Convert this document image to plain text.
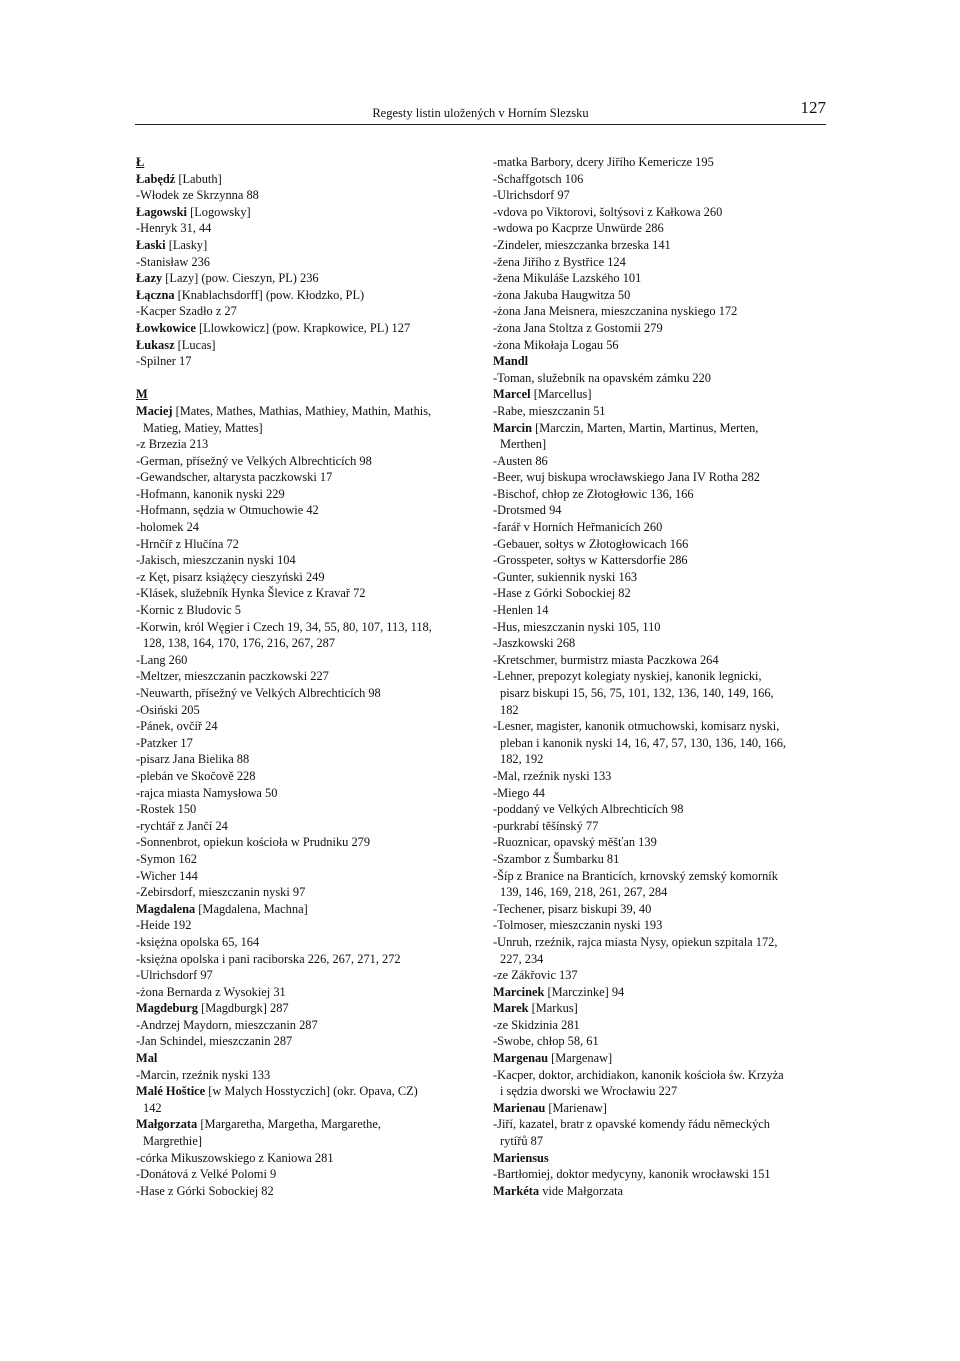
Regesty listin uložených v Horním Slezsku	127
Ł
Łabędź [Labuth]
-Włodek ze Skrzynna 88
Łagowski [Logowsky]
-Henryk 31, 44
Łaski [Lasky]
-Stanisław 236
Łazy [Lazy] (pow. Cieszyn, PL) 236
Łączna [Knablachsdorff] (pow. Kłodzko, PL)
-Kacper Szadło z 27
Łowkowice [Llowkowicz] (pow. Krapkowice, PL) 127
Łukasz [Lucas]
-Spilner 17
M
Maciej [Mates, Mathes, Mathias, Mathiey, Mathin, Mathis,
Matieg, Matiey, Mattes]
-z Brzezia 213
-German, přísežný ve Velkých Albrechticích 98
-Gewandscher, altarysta paczkowski 17
-Hofmann, kanonik nyski 229
-Hofmann, sędzia w Otmuchowie 42
-holomek 24
-Hrnčíř z Hlučína 72
-Jakisch, mieszczanin nyski 104
-z Kęt, pisarz książęcy cieszyński 249
-Klásek, služebník Hynka Šlevice z Kravař 72
-Kornic z Bludovic 5
-Korwin, król Węgier i Czech 19, 34, 55, 80, 107, 113, 118,
128, 138, 164, 170, 176, 216, 267, 287
-Lang 260
-Meltzer, mieszczanin paczkowski 227
-Neuwarth, přísežný ve Velkých Albrechticích 98
-Osiński 205
-Pánek, ovčíř 24
-Patzker 17
-pisarz Jana Bielika 88
-plebán ve Skočově 228
-rajca miasta Namysłowa 50
-Rostek 150
-rychtář z Jančí 24
-Sonnenbrot, opiekun kościoła w Prudniku 279
-Symon 162
-Wicher 144
-Zebirsdorf, mieszczanin nyski 97
Magdalena [Magdalena, Machna]
-Heide 192
-księżna opolska 65, 164
-księżna opolska i pani raciborska 226, 267, 271, 272
-Ulrichsdorf 97
-żona Bernarda z Wysokiej 31
Magdeburg [Magdburgk] 287
-Andrzej Maydorn, mieszczanin 287
-Jan Schindel, mieszczanin 287
Mal
-Marcin, rzeźnik nyski 133
Malé Hoštice [w Malych Hosstyczich] (okr. Opava, CZ)
142
Małgorzata [Margaretha, Margetha, Margarethe,
Margrethie]
-córka Mikuszowskiego z Kaniowa 281
-Donátová z Velké Polomi 9
-Hase z Górki Sobockiej 82
-matka Barbory, dcery Jiřího Kemericze 195
-Schaffgotsch 106
-Ulrichsdorf 97
-vdova po Viktorovi, šoltýsovi z Kałkowa 260
-wdowa po Kacprze Unwürde 286
-Zindeler, mieszczanka brzeska 141
-žena Jiřího z Bystřice 124
-žena Mikuláše Lazského 101
-żona Jakuba Haugwitza 50
-żona Jana Meisnera, mieszczanina nyskiego 172
-żona Jana Stoltza z Gostomii 279
-żona Mikołaja Logau 56
Mandl
-Toman, služebník na opavském zámku 220
Marcel [Marcellus]
-Rabe, mieszczanin 51
Marcin [Marczin, Marten, Martin, Martinus, Merten,
Merthen]
-Austen 86
-Beer, wuj biskupa wrocławskiego Jana IV Rotha 282
-Bischof, chłop ze Złotogłowic 136, 166
-Drotsmed 94
-farář v Horních Heřmanicích 260
-Gebauer, sołtys w Złotogłowicach 166
-Grosspeter, sołtys w Kattersdorfie 286
-Gunter, sukiennik nyski 163
-Hase z Górki Sobockiej 82
-Henlen 14
-Hus, mieszczanin nyski 105, 110
-Jaszkowski 268
-Kretschmer, burmistrz miasta Paczkowa 264
-Lehner, prepozyt kolegiaty nyskiej, kanonik legnicki,
pisarz biskupi 15, 56, 75, 101, 132, 136, 140, 149, 166,
182
-Lesner, magister, kanonik otmuchowski, komisarz nyski,
pleban i kanonik nyski 14, 16, 47, 57, 130, 136, 140, 166,
182, 192
-Mal, rzeźnik nyski 133
-Miego 44
-poddaný ve Velkých Albrechticích 98
-purkrabí těšínský 77
-Ruoznicar, opavský měšťan 139
-Szambor z Šumbarku 81
-Šíp z Branice na Branticích, krnovský zemský komorník
139, 146, 169, 218, 261, 267, 284
-Techener, pisarz biskupi 39, 40
-Tolmoser, mieszczanin nyski 193
-Unruh, rzeźnik, rajca miasta Nysy, opiekun szpitala 172,
227, 234
-ze Zákřovic 137
Marcinek [Marczinke] 94
Marek [Markus]
-ze Skidzinia 281
-Swobe, chłop 58, 61
Margenau [Margenaw]
-Kacper, doktor, archidiakon, kanonik kościoła św. Krzyża
i sędzia dworski we Wrocławiu 227
Marienau [Marienaw]
-Jiří, kazatel, bratr z opavské komendy řádu německých
rytířů 87
Mariensus
-Bartłomiej, doktor medycyny, kanonik wrocławski 151
Markéta vide Małgorzata
